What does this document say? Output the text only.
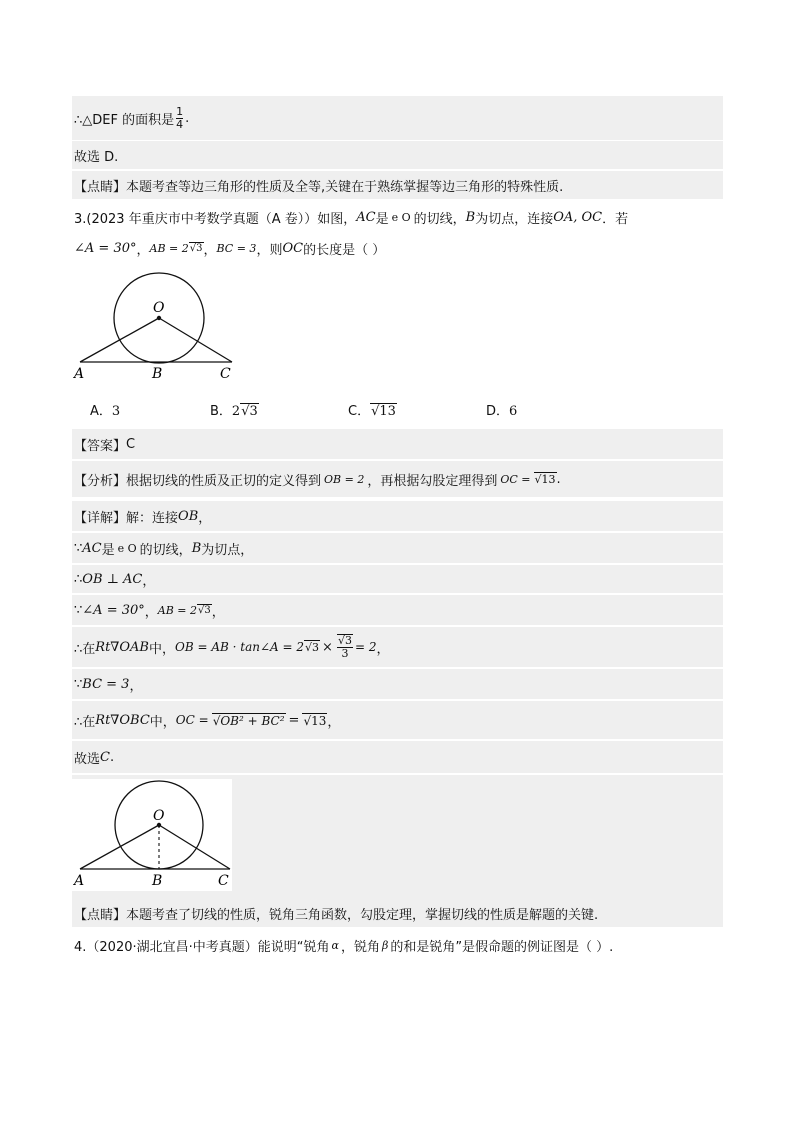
∴△DEF 的面积是 $\frac{1}{4}$ .
故选 D.
【点睛】 本题考查等边三角形的性质及全等,关键在于熟练掌握等边三角形的特殊性质.
3.(2023 年重庆市中考数学真题（A 卷））如图， AC 是 e O 的切线， B 为切点，连接 OA, OC ．若
∠A = 30° ， AB = 2 √3 ， BC = 3 ，则 OC 的长度是（ ）
O
A	B	C
A．3	B．2√3	C．√13	D．6
【答案】 C
【分析】 根据切线的性质及正切的定义得到 OB = 2 ，再根据勾股定理得到 OC = √13 .
【详解】 解：连接 OB ，
∵ AC 是 e O 的切线， B 为切点，
∴ OB ⊥ AC ，
∵ ∠A = 30° ， AB = 2 √3 ，
∴在 Rt∇OAB 中， OB = AB · tan∠A = 2 $√3 \times \frac{√3}{3} = 2$ ，
∵ BC = 3 ，
∴在 Rt∇OBC 中， OC = √OB² + BC² = √13 ，
故选 C .
O
A	B	C
【点睛】 本题考查了切线的性质，锐角三角函数，勾股定理，掌握切线的性质是解题的关键.
4.（2020·湖北宜昌·中考真题）能说明“锐角 α ，锐角 β 的和是锐角”是假命题的例证图是（ ）.
